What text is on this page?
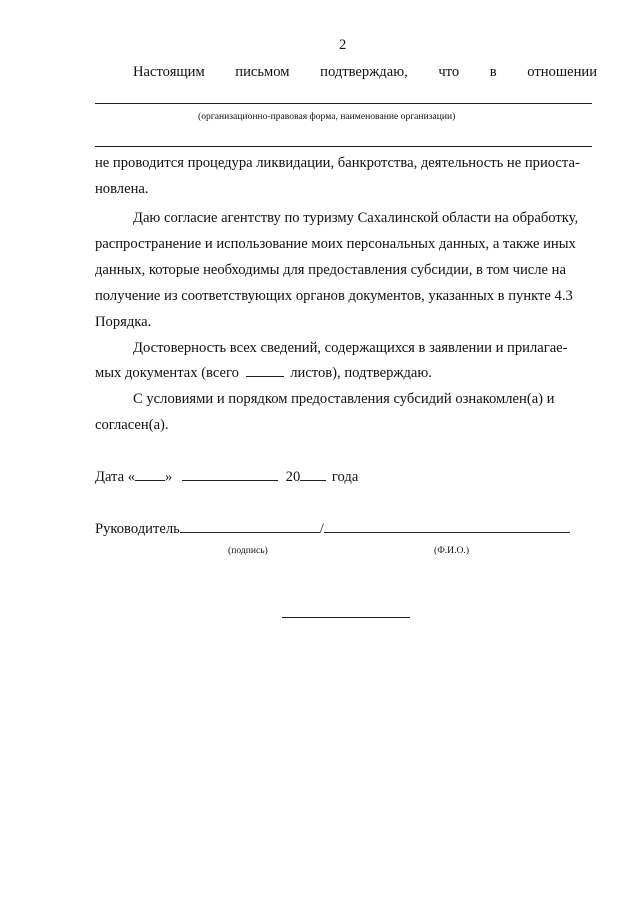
2
Настоящим письмом подтверждаю, что в отношении
(организационно-правовая форма, наименование организации)
не проводится процедура ликвидации, банкротства, деятельность не приоста-
новлена.
Даю согласие агентству по туризму Сахалинской области на обработку,
распространение и использование моих персональных данных, а также иных
данных, которые необходимы для предоставления субсидии, в том числе на
получение из соответствующих органов документов, указанных в пункте 4.3
Порядка.
Достоверность всех сведений, содержащихся в заявлении и прилагае-
мых документах (всего	листов), подтверждаю.
С условиями и порядком предоставления субсидий ознакомлен(а) и
согласен(а).
Дата « »	20 года
Руководитель	/
(подпись)	(Ф.И.О.)
